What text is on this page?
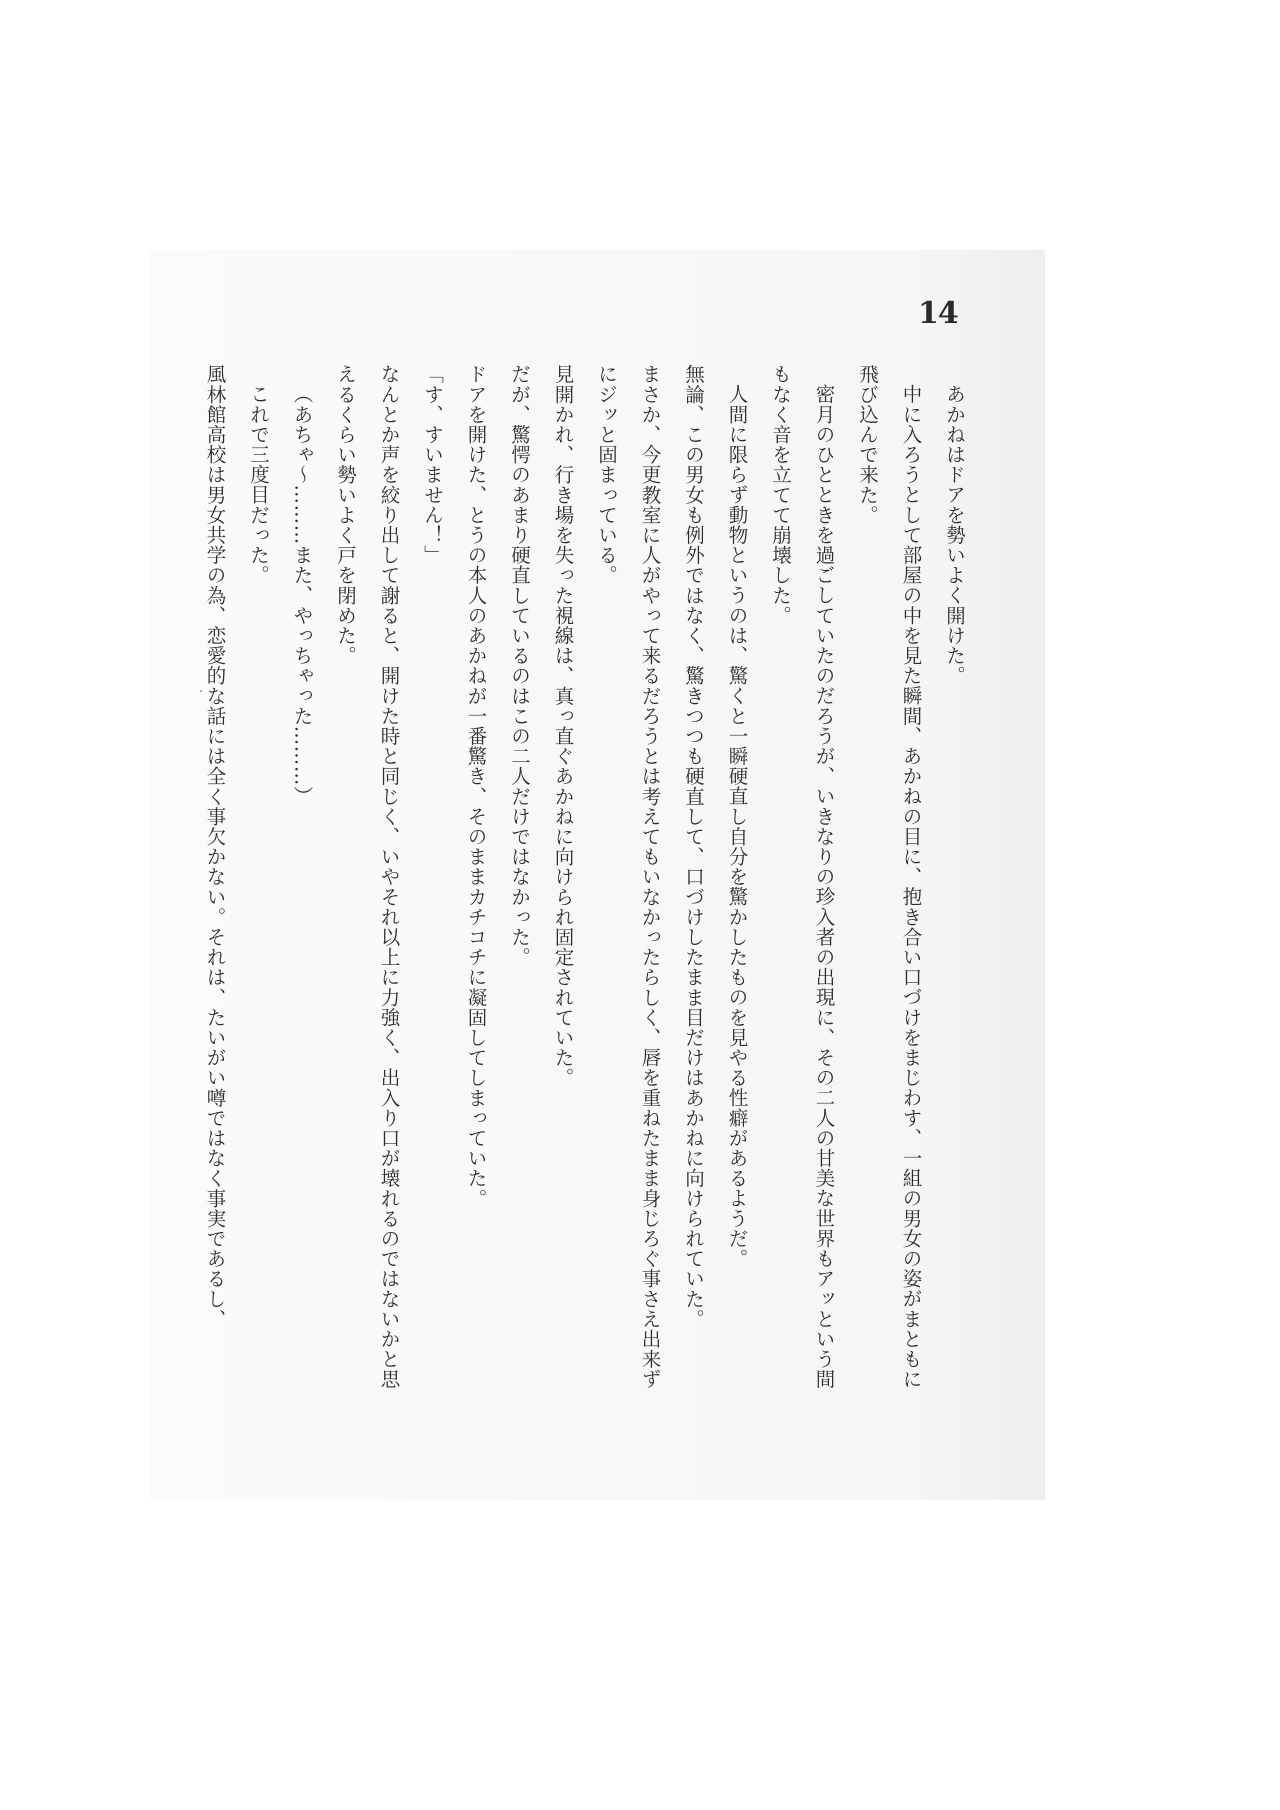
14

あかねはドアを勢いよく開けた。

中に入ろうとして部屋の中を見た瞬間、あかねの目に、抱き合い口づけをまじわす、一組の男女の姿がまともに飛び込んで来た。

密月のひとときを過ごしていたのだろうが、いきなりの珍入者の出現に、その二人の甘美な世界もアッという間もなく音を立てて崩壊した。

人間に限らず動物というのは、驚くと一瞬硬直し自分を驚かしたものを見やる性癖があるようだ。

無論、この男女も例外ではなく、驚きつつも硬直して、口づけしたまま目だけはあかねに向けられていた。

まさか、今更教室に人がやって来るだろうとは考えてもいなかったらしく、唇を重ねたまま身じろぐ事さえ出来ずにジッと固まっている。

見開かれ、行き場を失った視線は、真っ直ぐあかねに向けられ固定されていた。

だが、驚愕のあまり硬直しているのはこの二人だけではなかった。

ドアを開けた、とうの本人のあかねが一番驚き、そのままカチコチに凝固してしまっていた。

「す、すいません！」

なんとか声を絞り出して謝ると、開けた時と同じく、いやそれ以上に力強く、出入り口が壊れるのではないかと思えるくらい勢いよく戸を閉めた。

（あちゃ〜………また、やっちゃった………）

これで三度目だった。

風林館高校は男女共学の為、恋愛的な話には全く事欠かない。それは、たいがい噂ではなく事実であるし、
